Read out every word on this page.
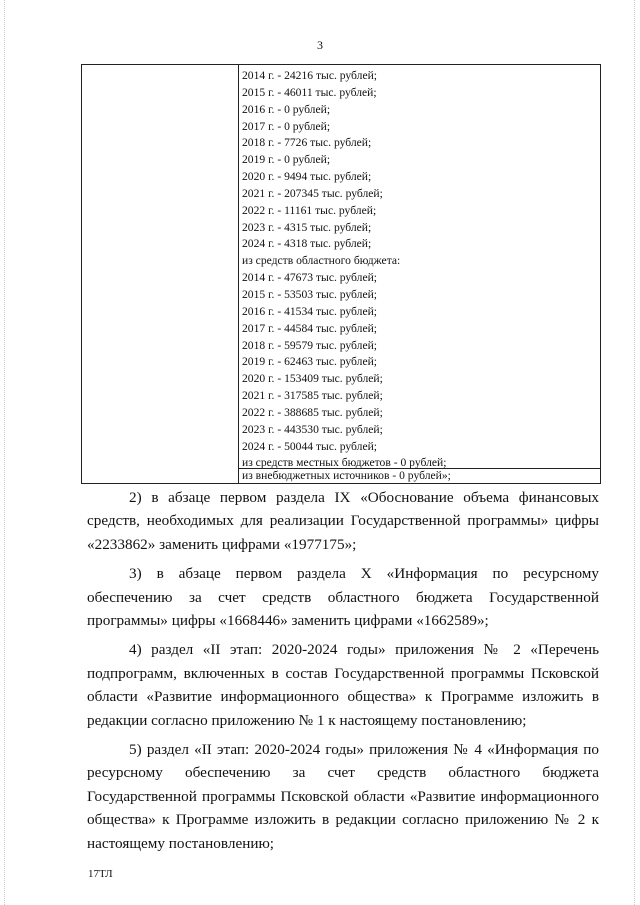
3
2014 г. - 24216 тыс. рублей;
2015 г. - 46011 тыс. рублей;
2016 г. - 0 рублей;
2017 г. - 0 рублей;
2018 г. - 7726 тыс. рублей;
2019 г. - 0 рублей;
2020 г. - 9494 тыс. рублей;
2021 г. - 207345 тыс. рублей;
2022 г. - 11161 тыс. рублей;
2023 г. - 4315 тыс. рублей;
2024 г. - 4318 тыс. рублей;
из средств областного бюджета:
2014 г. - 47673 тыс. рублей;
2015 г. - 53503 тыс. рублей;
2016 г. - 41534 тыс. рублей;
2017 г. - 44584 тыс. рублей;
2018 г. - 59579 тыс. рублей;
2019 г. - 62463 тыс. рублей;
2020 г. - 153409 тыс. рублей;
2021 г. - 317585 тыс. рублей;
2022 г. - 388685 тыс. рублей;
2023 г. - 443530 тыс. рублей;
2024 г. - 50044 тыс. рублей;
из средств местных бюджетов - 0 рублей;
из внебюджетных источников - 0 рублей»;

2) в абзаце первом раздела IX «Обоснование объема финансовых средств, необходимых для реализации Государственной программы» цифры «2233862» заменить цифрами «1977175»;

3) в абзаце первом раздела X «Информация по ресурсному обеспечению за счет средств областного бюджета Государственной программы» цифры «1668446» заменить цифрами «1662589»;

4) раздел «II этап: 2020-2024 годы» приложения № 2 «Перечень подпрограмм, включенных в состав Государственной программы Псковской области «Развитие информационного общества» к Программе изложить в редакции согласно приложению № 1 к настоящему постановлению;

5) раздел «II этап: 2020-2024 годы» приложения № 4 «Информация по ресурсному обеспечению за счет средств областного бюджета Государственной программы Псковской области «Развитие информационного общества» к Программе изложить в редакции согласно приложению № 2 к настоящему постановлению;

17ТЛ
